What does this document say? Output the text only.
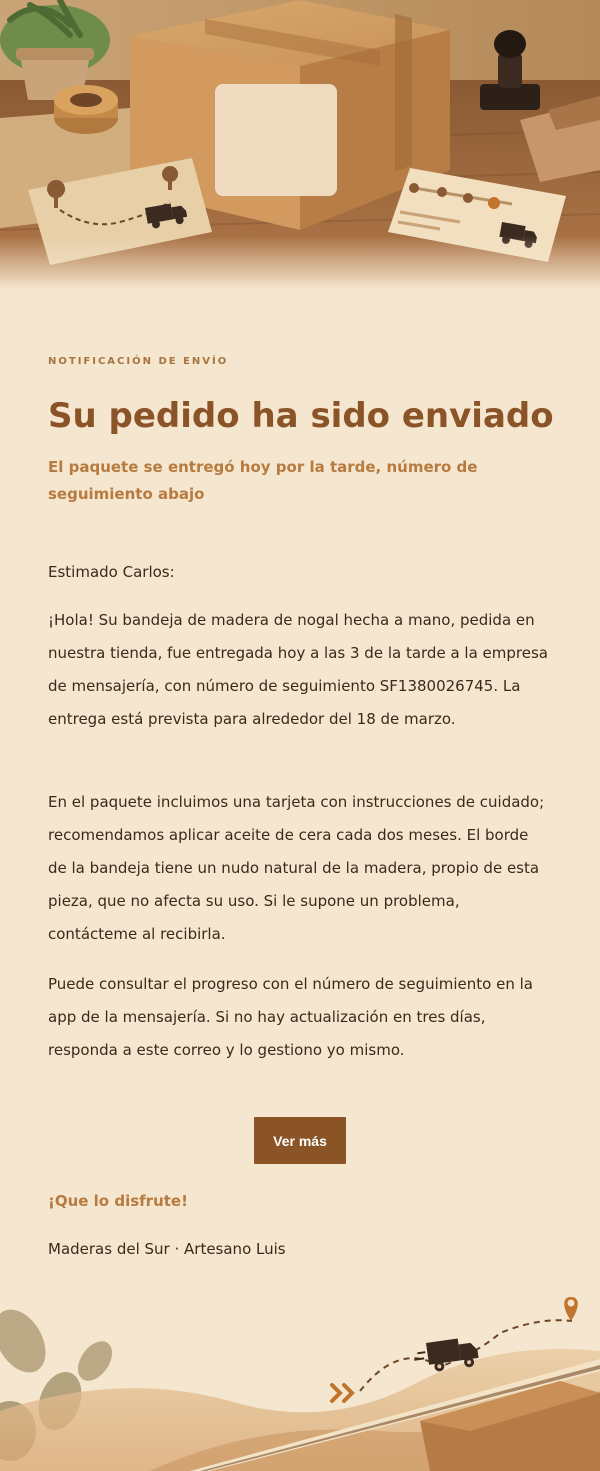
NOTIFICACIÓN DE ENVÍO
Su pedido ha sido enviado

El paquete se entregó hoy por la tarde, número de seguimiento abajo

Estimado Carlos:

¡Hola! Su bandeja de madera de nogal hecha a mano, pedida en nuestra tienda, fue entregada hoy a las 3 de la tarde a la empresa de mensajería, con número de seguimiento SF1380026745. La entrega está prevista para alrededor del 18 de marzo.

En el paquete incluimos una tarjeta con instrucciones de cuidado; recomendamos aplicar aceite de cera cada dos meses. El borde de la bandeja tiene un nudo natural de la madera, propio de esta pieza, que no afecta su uso. Si le supone un problema, contácteme al recibirla.

Puede consultar el progreso con el número de seguimiento en la app de la mensajería. Si no hay actualización en tres días, responda a este correo y lo gestiono yo mismo.

Ver más

¡Que lo disfrute!

Maderas del Sur · Artesano Luis
